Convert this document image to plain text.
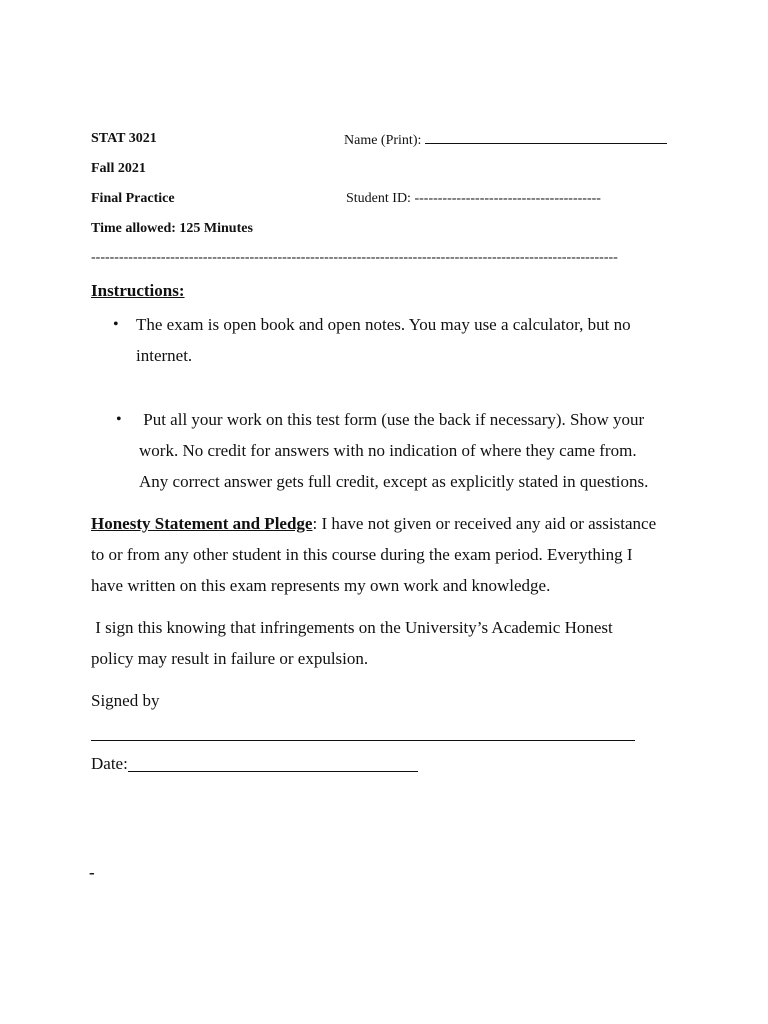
STAT 3021
Fall 2021
Final Practice
Time allowed: 125 Minutes
Name (Print):
Student ID: ----------------------------------------
-----------------------------------------------------------------------------------------------------------------
Instructions:
• The exam is open book and open notes. You may use a calculator, but no
internet.
• Put all your work on this test form (use the back if necessary). Show your
work. No credit for answers with no indication of where they came from.
Any correct answer gets full credit, except as explicitly stated in questions.
Honesty Statement and Pledge: I have not given or received any aid or assistance
to or from any other student in this course during the exam period. Everything I
have written on this exam represents my own work and knowledge.
I sign this knowing that infringements on the University’s Academic Honest
policy may result in failure or expulsion.
Signed by
Date:
-
